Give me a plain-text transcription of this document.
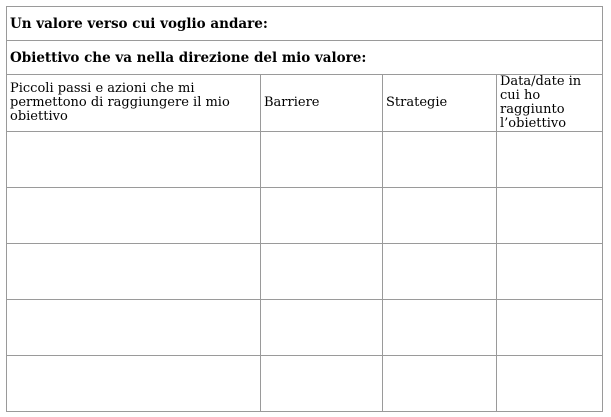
Un valore verso cui voglio andare:			
Obiettivo che va nella direzione del mio valore:			
Piccoli passi e azioni che mi permettono di raggiungere il mio obiettivo	Barriere	Strategie	Data/date in cui ho raggiunto l’obiettivo
